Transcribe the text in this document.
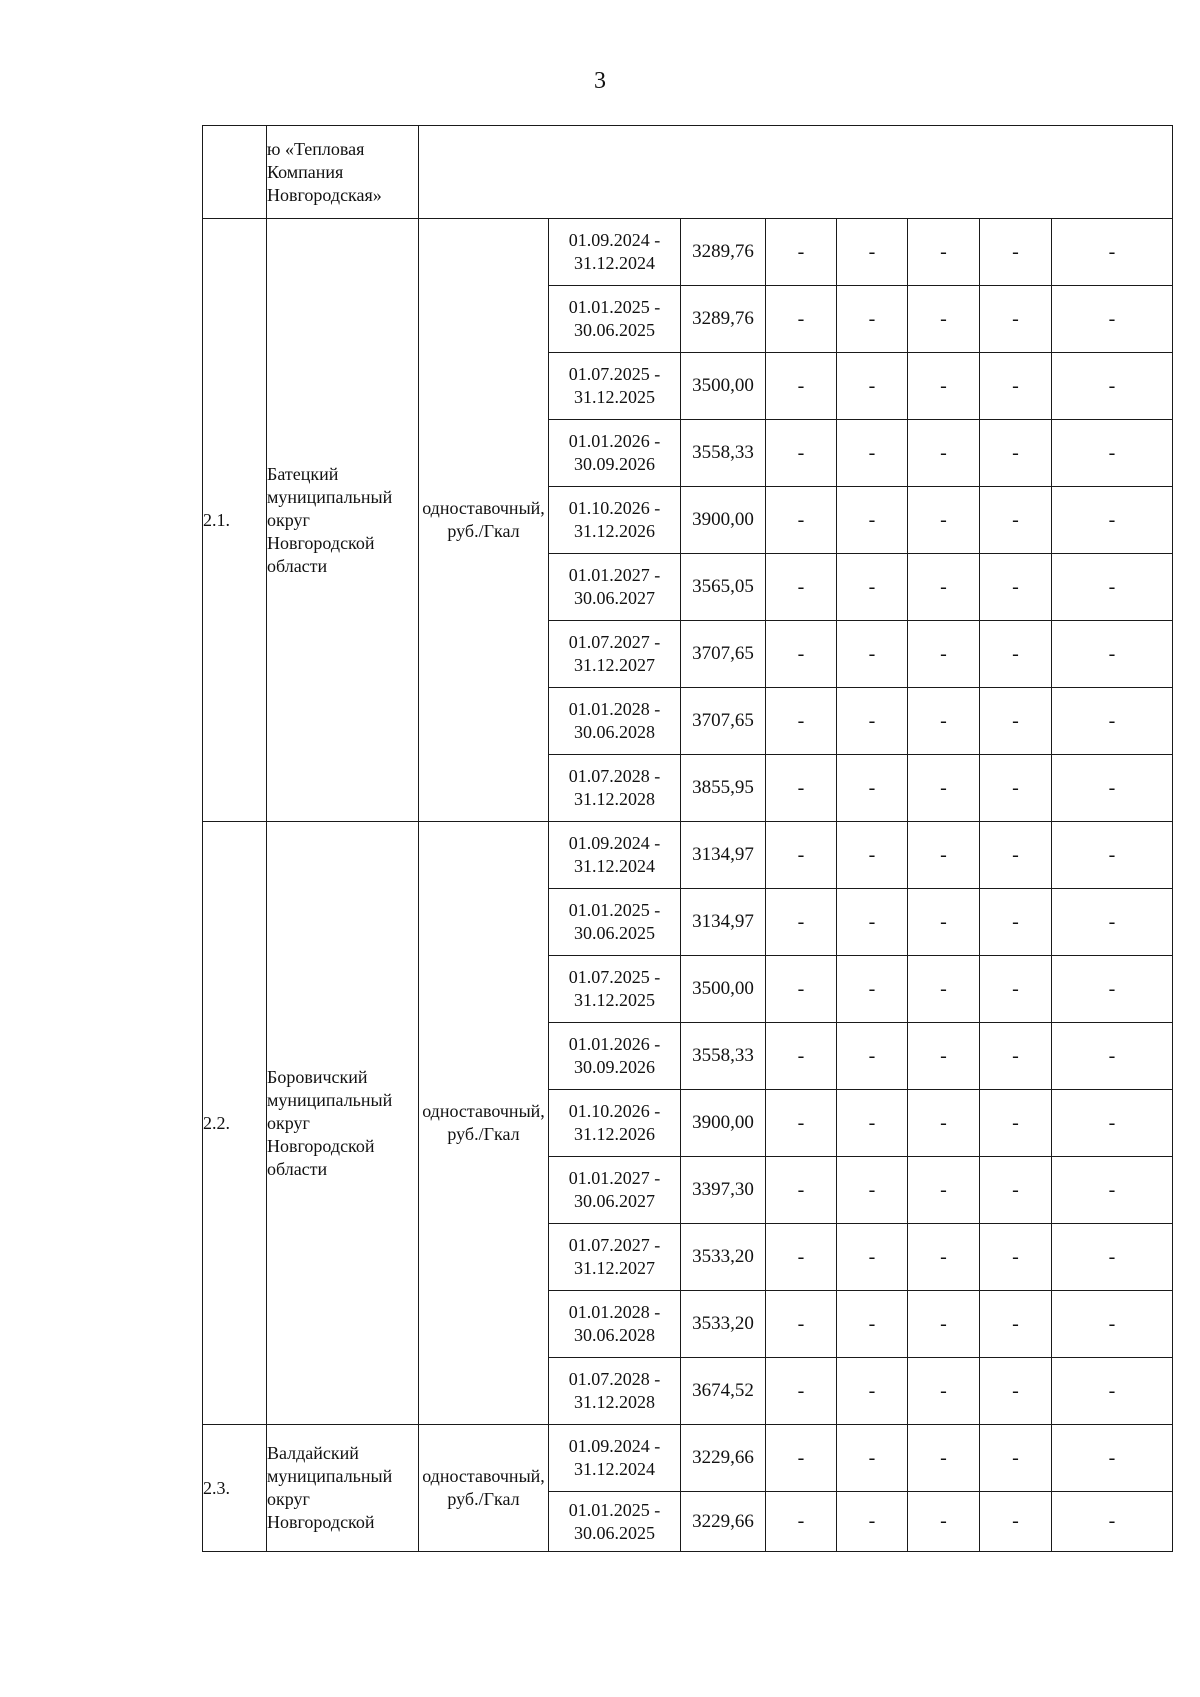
3
	ю «Тепловая Компания Новгородская»								
2.1.	Батецкий муниципальный округ Новгородской области	одноставочный, руб./Гкал	01.09.2024 - 31.12.2024	3289,76	-	-	-	-	-
			01.01.2025 - 30.06.2025	3289,76	-	-	-	-	-
			01.07.2025 - 31.12.2025	3500,00	-	-	-	-	-
			01.01.2026 - 30.09.2026	3558,33	-	-	-	-	-
			01.10.2026 - 31.12.2026	3900,00	-	-	-	-	-
			01.01.2027 - 30.06.2027	3565,05	-	-	-	-	-
			01.07.2027 - 31.12.2027	3707,65	-	-	-	-	-
			01.01.2028 - 30.06.2028	3707,65	-	-	-	-	-
			01.07.2028 - 31.12.2028	3855,95	-	-	-	-	-
2.2.	Боровичский муниципальный округ Новгородской области	одноставочный, руб./Гкал	01.09.2024 - 31.12.2024	3134,97	-	-	-	-	-
			01.01.2025 - 30.06.2025	3134,97	-	-	-	-	-
			01.07.2025 - 31.12.2025	3500,00	-	-	-	-	-
			01.01.2026 - 30.09.2026	3558,33	-	-	-	-	-
			01.10.2026 - 31.12.2026	3900,00	-	-	-	-	-
			01.01.2027 - 30.06.2027	3397,30	-	-	-	-	-
			01.07.2027 - 31.12.2027	3533,20	-	-	-	-	-
			01.01.2028 - 30.06.2028	3533,20	-	-	-	-	-
			01.07.2028 - 31.12.2028	3674,52	-	-	-	-	-
2.3.	Валдайский муниципальный округ Новгородской	одноставочный, руб./Гкал	01.09.2024 - 31.12.2024	3229,66	-	-	-	-	-
			01.01.2025 - 30.06.2025	3229,66	-	-	-	-	-
